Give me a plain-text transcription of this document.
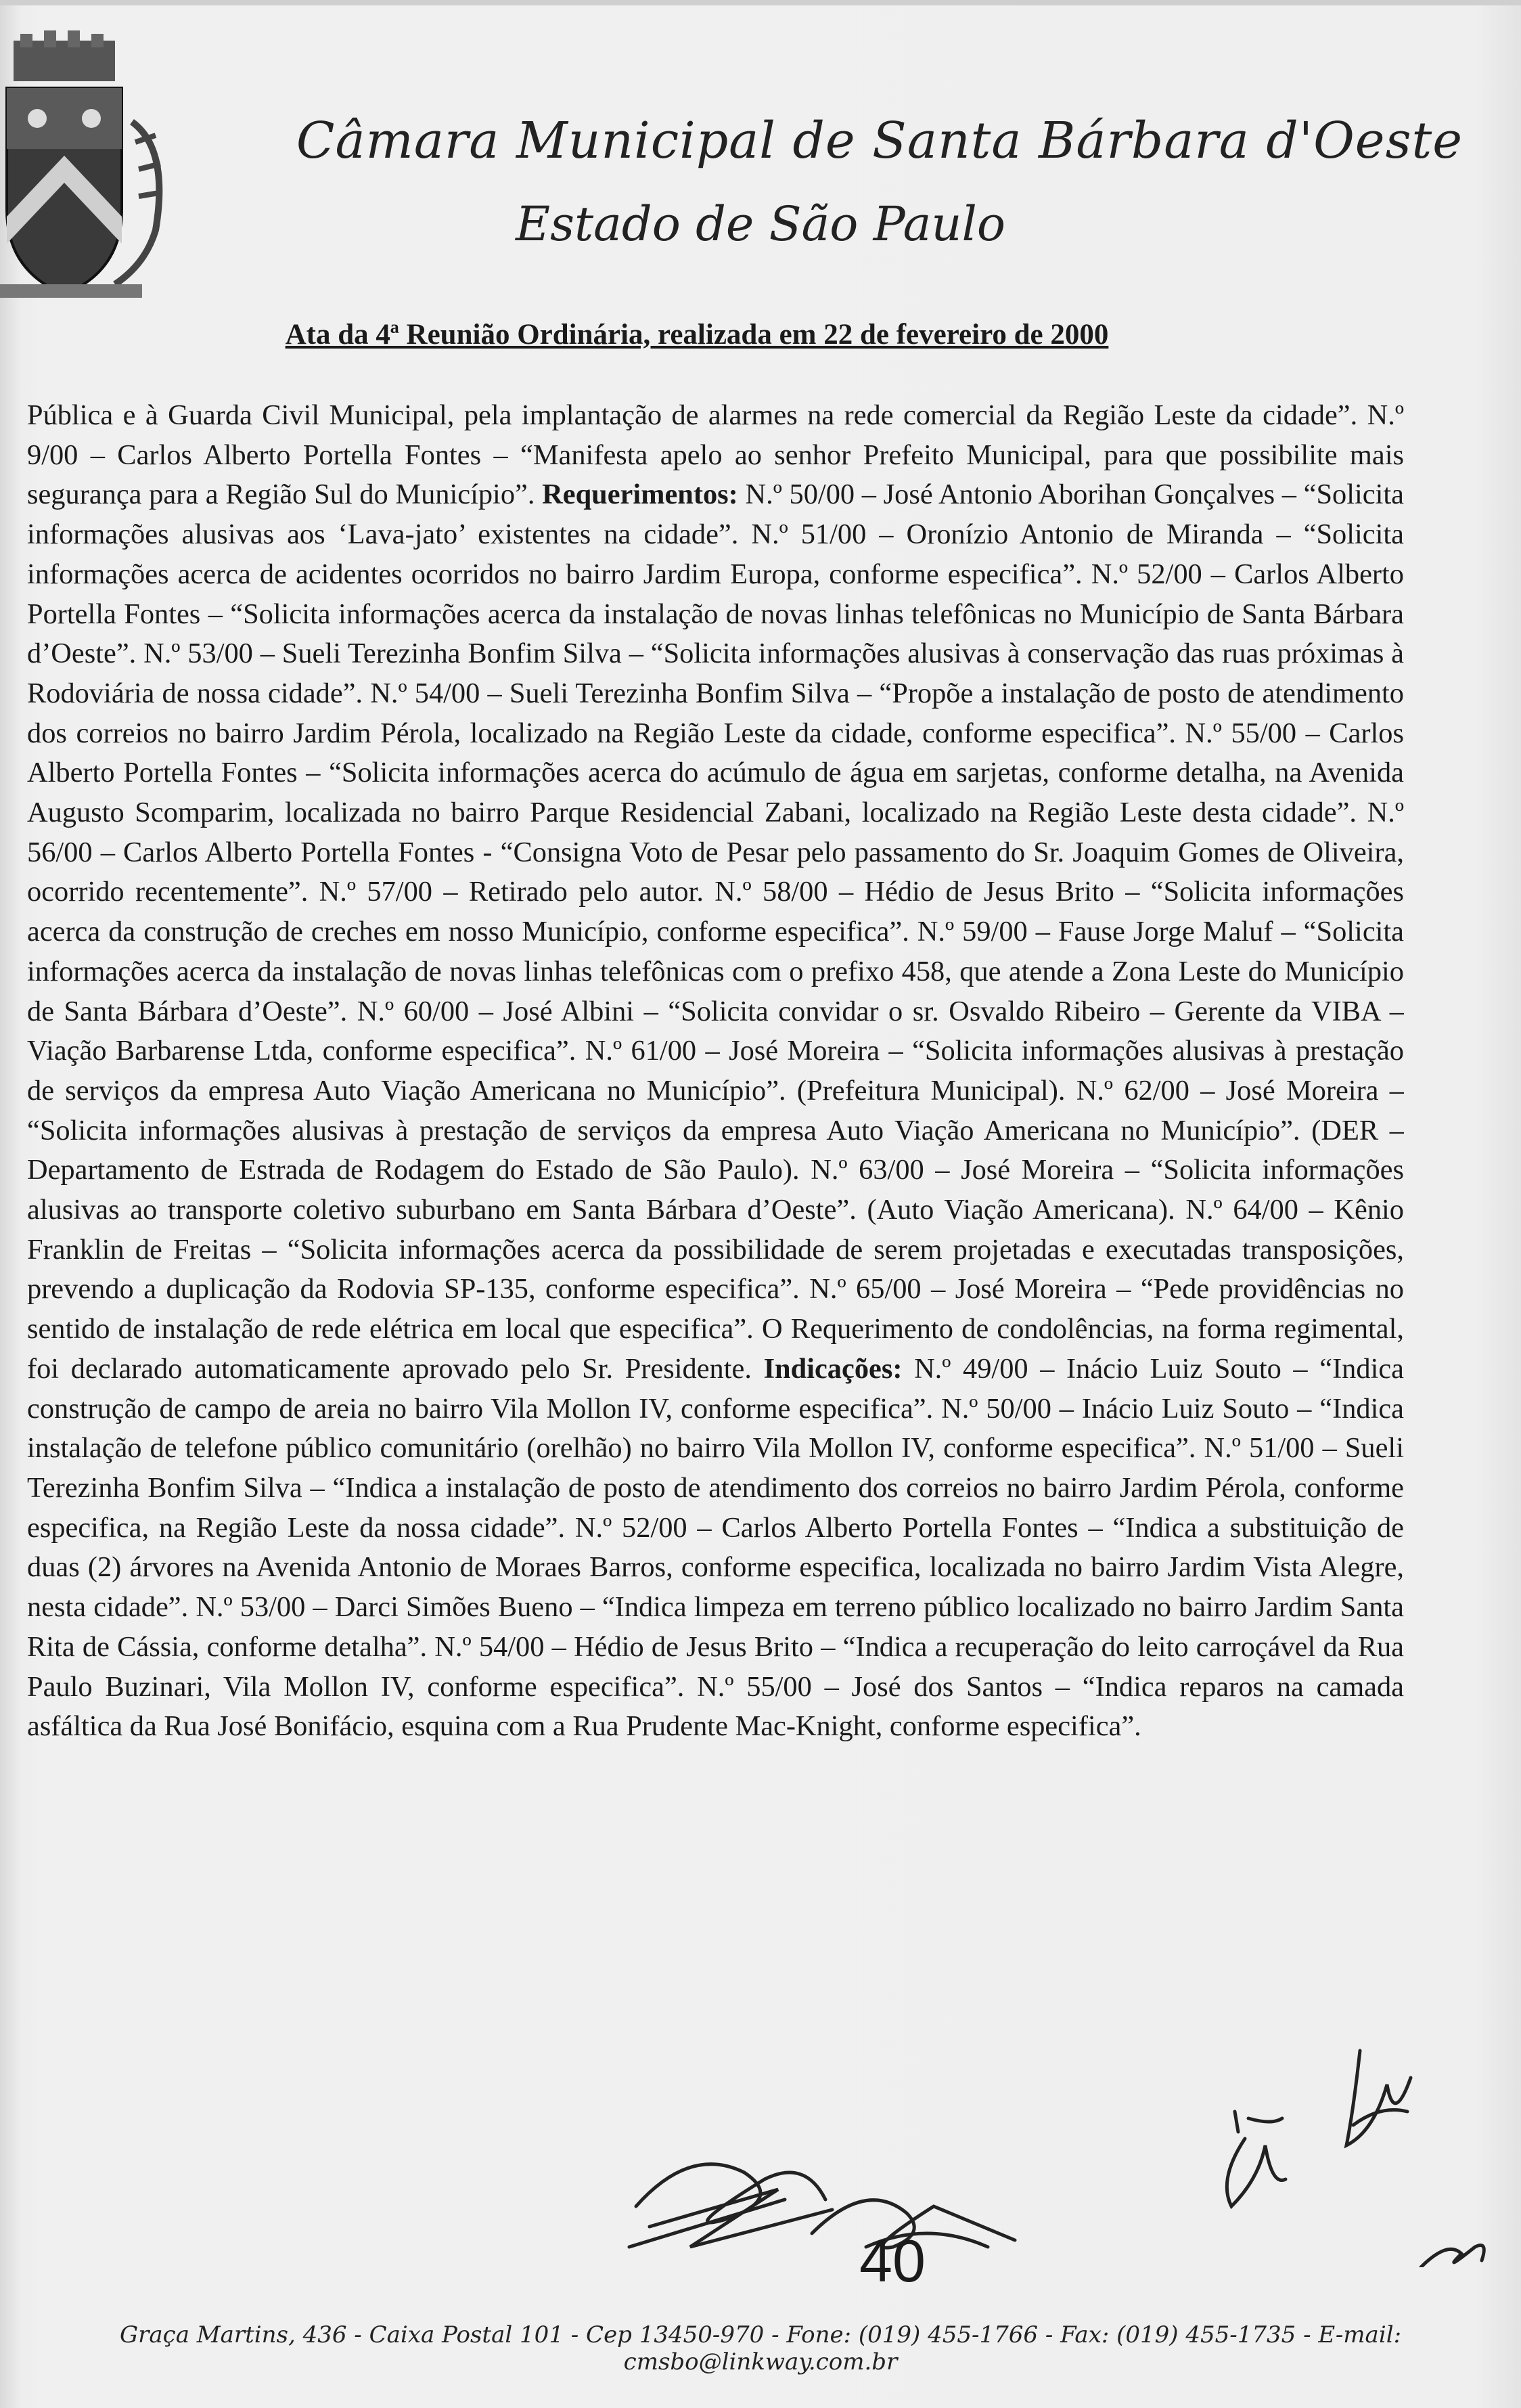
Câmara Municipal de Santa Bárbara d'Oeste
Estado de São Paulo
Ata da 4ª Reunião Ordinária, realizada em 22 de fevereiro de 2000

Pública e à Guarda Civil Municipal, pela implantação de alarmes na rede comercial da Região Leste da cidade”. N.º 9/00 – Carlos Alberto Portella Fontes – “Manifesta apelo ao senhor Prefeito Municipal, para que possibilite mais segurança para a Região Sul do Município”. Requerimentos: N.º 50/00 – José Antonio Aborihan Gonçalves – “Solicita informações alusivas aos ‘Lava-jato’ existentes na cidade”. N.º 51/00 – Oronízio Antonio de Miranda – “Solicita informações acerca de acidentes ocorridos no bairro Jardim Europa, conforme especifica”. N.º 52/00 – Carlos Alberto Portella Fontes – “Solicita informações acerca da instalação de novas linhas telefônicas no Município de Santa Bárbara d’Oeste”. N.º 53/00 – Sueli Terezinha Bonfim Silva – “Solicita informações alusivas à conservação das ruas próximas à Rodoviária de nossa cidade”. N.º 54/00 – Sueli Terezinha Bonfim Silva – “Propõe a instalação de posto de atendimento dos correios no bairro Jardim Pérola, localizado na Região Leste da cidade, conforme especifica”. N.º 55/00 – Carlos Alberto Portella Fontes – “Solicita informações acerca do acúmulo de água em sarjetas, conforme detalha, na Avenida Augusto Scomparim, localizada no bairro Parque Residencial Zabani, localizado na Região Leste desta cidade”. N.º 56/00 – Carlos Alberto Portella Fontes - “Consigna Voto de Pesar pelo passamento do Sr. Joaquim Gomes de Oliveira, ocorrido recentemente”. N.º 57/00 – Retirado pelo autor. N.º 58/00 – Hédio de Jesus Brito – “Solicita informações acerca da construção de creches em nosso Município, conforme especifica”. N.º 59/00 – Fause Jorge Maluf – “Solicita informações acerca da instalação de novas linhas telefônicas com o prefixo 458, que atende a Zona Leste do Município de Santa Bárbara d’Oeste”. N.º 60/00 – José Albini – “Solicita convidar o sr. Osvaldo Ribeiro – Gerente da VIBA – Viação Barbarense Ltda, conforme especifica”. N.º 61/00 – José Moreira – “Solicita informações alusivas à prestação de serviços da empresa Auto Viação Americana no Município”. (Prefeitura Municipal). N.º 62/00 – José Moreira – “Solicita informações alusivas à prestação de serviços da empresa Auto Viação Americana no Município”. (DER – Departamento de Estrada de Rodagem do Estado de São Paulo). N.º 63/00 – José Moreira – “Solicita informações alusivas ao transporte coletivo suburbano em Santa Bárbara d’Oeste”. (Auto Viação Americana). N.º 64/00 – Kênio Franklin de Freitas – “Solicita informações acerca da possibilidade de serem projetadas e executadas transposições, prevendo a duplicação da Rodovia SP-135, conforme especifica”. N.º 65/00 – José Moreira – “Pede providências no sentido de instalação de rede elétrica em local que especifica”. O Requerimento de condolências, na forma regimental, foi declarado automaticamente aprovado pelo Sr. Presidente. Indicações: N.º 49/00 – Inácio Luiz Souto – “Indica construção de campo de areia no bairro Vila Mollon IV, conforme especifica”. N.º 50/00 – Inácio Luiz Souto – “Indica instalação de telefone público comunitário (orelhão) no bairro Vila Mollon IV, conforme especifica”. N.º 51/00 – Sueli Terezinha Bonfim Silva – “Indica a instalação de posto de atendimento dos correios no bairro Jardim Pérola, conforme especifica, na Região Leste da nossa cidade”. N.º 52/00 – Carlos Alberto Portella Fontes – “Indica a substituição de duas (2) árvores na Avenida Antonio de Moraes Barros, conforme especifica, localizada no bairro Jardim Vista Alegre, nesta cidade”. N.º 53/00 – Darci Simões Bueno – “Indica limpeza em terreno público localizado no bairro Jardim Santa Rita de Cássia, conforme detalha”. N.º 54/00 – Hédio de Jesus Brito – “Indica a recuperação do leito carroçável da Rua Paulo Buzinari, Vila Mollon IV, conforme especifica”. N.º 55/00 – José dos Santos – “Indica reparos na camada asfáltica da Rua José Bonifácio, esquina com a Rua Prudente Mac-Knight, conforme especifica”.

40
Graça Martins, 436 - Caixa Postal 101 - Cep 13450-970 - Fone: (019) 455-1766 - Fax: (019) 455-1735 - E-mail: cmsbo@linkway.com.br
